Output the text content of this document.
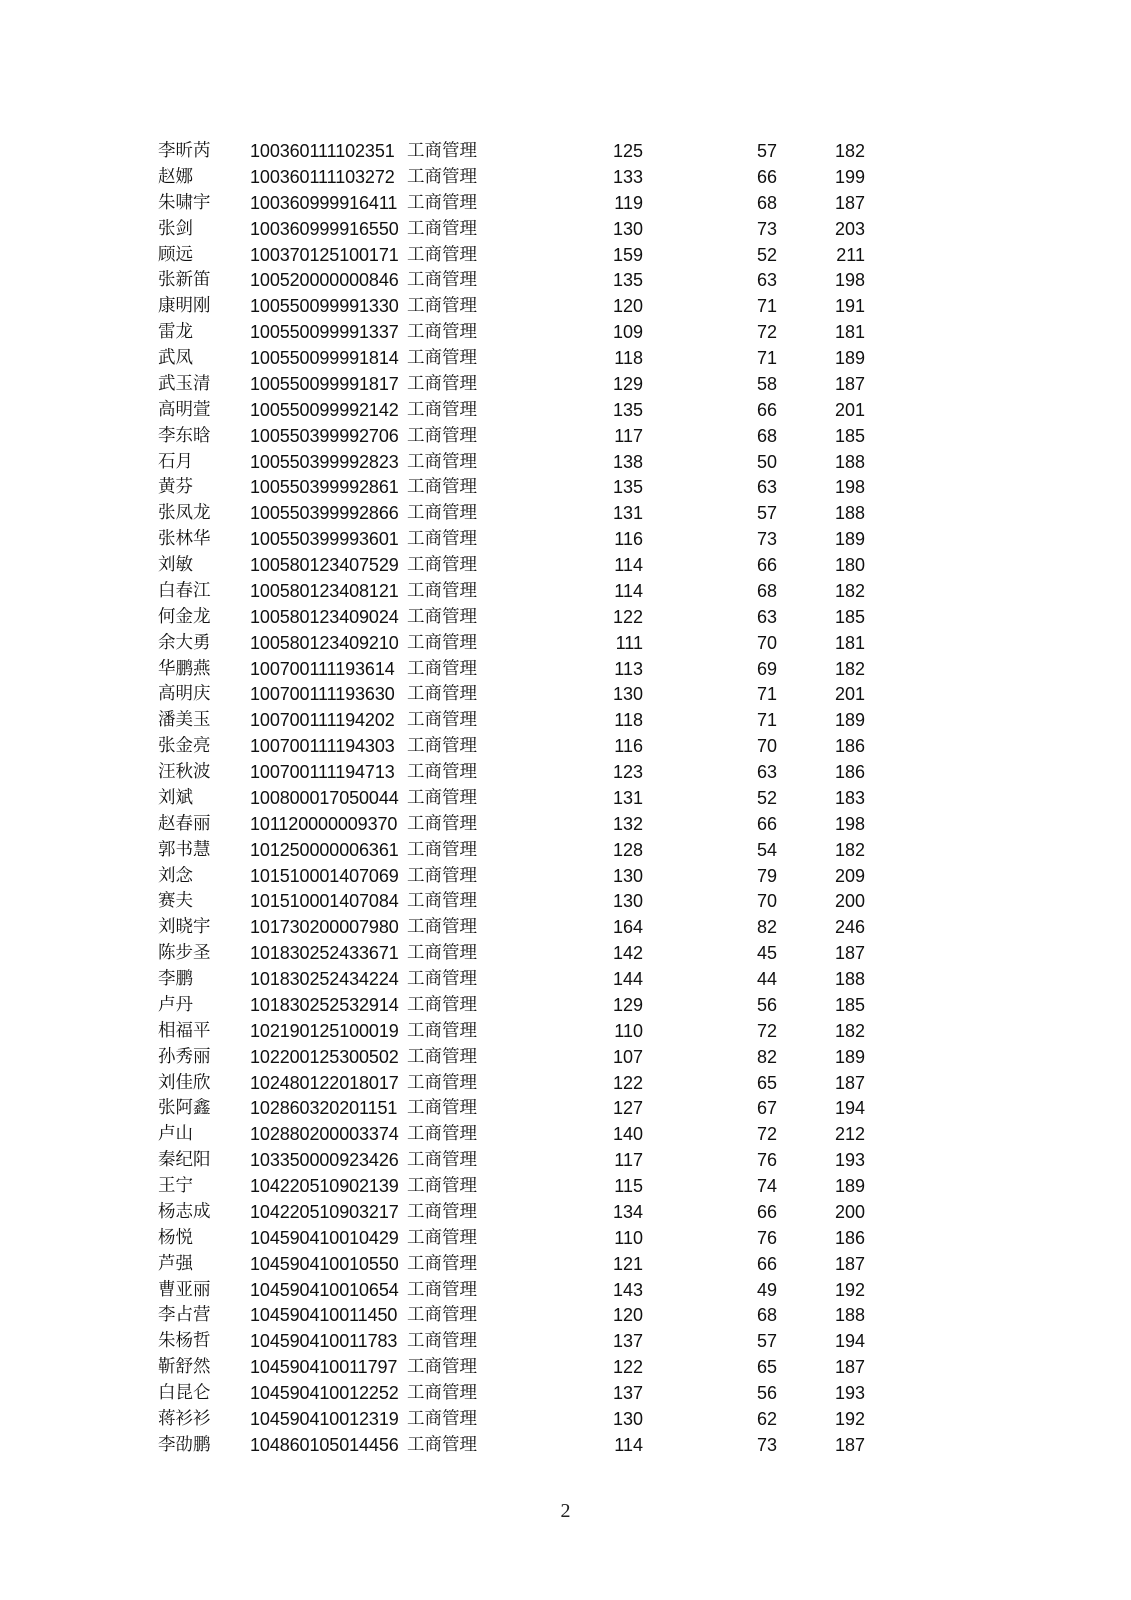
李昕芮	100360111102351	工商管理	125	57	182
赵娜	100360111103272	工商管理	133	66	199
朱啸宇	100360999916411	工商管理	119	68	187
张剑	100360999916550	工商管理	130	73	203
顾远	100370125100171	工商管理	159	52	211
张新笛	100520000000846	工商管理	135	63	198
康明刚	100550099991330	工商管理	120	71	191
雷龙	100550099991337	工商管理	109	72	181
武凤	100550099991814	工商管理	118	71	189
武玉清	100550099991817	工商管理	129	58	187
高明萱	100550099992142	工商管理	135	66	201
李东晗	100550399992706	工商管理	117	68	185
石月	100550399992823	工商管理	138	50	188
黄芬	100550399992861	工商管理	135	63	198
张凤龙	100550399992866	工商管理	131	57	188
张林华	100550399993601	工商管理	116	73	189
刘敏	100580123407529	工商管理	114	66	180
白春江	100580123408121	工商管理	114	68	182
何金龙	100580123409024	工商管理	122	63	185
余大勇	100580123409210	工商管理	111	70	181
华鹏燕	100700111193614	工商管理	113	69	182
高明庆	100700111193630	工商管理	130	71	201
潘美玉	100700111194202	工商管理	118	71	189
张金亮	100700111194303	工商管理	116	70	186
汪秋波	100700111194713	工商管理	123	63	186
刘斌	100800017050044	工商管理	131	52	183
赵春丽	101120000009370	工商管理	132	66	198
郭书慧	101250000006361	工商管理	128	54	182
刘念	101510001407069	工商管理	130	79	209
赛夫	101510001407084	工商管理	130	70	200
刘晓宇	101730200007980	工商管理	164	82	246
陈步圣	101830252433671	工商管理	142	45	187
李鹏	101830252434224	工商管理	144	44	188
卢丹	101830252532914	工商管理	129	56	185
相福平	102190125100019	工商管理	110	72	182
孙秀丽	102200125300502	工商管理	107	82	189
刘佳欣	102480122018017	工商管理	122	65	187
张阿鑫	102860320201151	工商管理	127	67	194
卢山	102880200003374	工商管理	140	72	212
秦纪阳	103350000923426	工商管理	117	76	193
王宁	104220510902139	工商管理	115	74	189
杨志成	104220510903217	工商管理	134	66	200
杨悦	104590410010429	工商管理	110	76	186
芦强	104590410010550	工商管理	121	66	187
曹亚丽	104590410010654	工商管理	143	49	192
李占营	104590410011450	工商管理	120	68	188
朱杨哲	104590410011783	工商管理	137	57	194
靳舒然	104590410011797	工商管理	122	65	187
白昆仑	104590410012252	工商管理	137	56	193
蒋衫衫	104590410012319	工商管理	130	62	192
李劭鹏	104860105014456	工商管理	114	73	187
2
